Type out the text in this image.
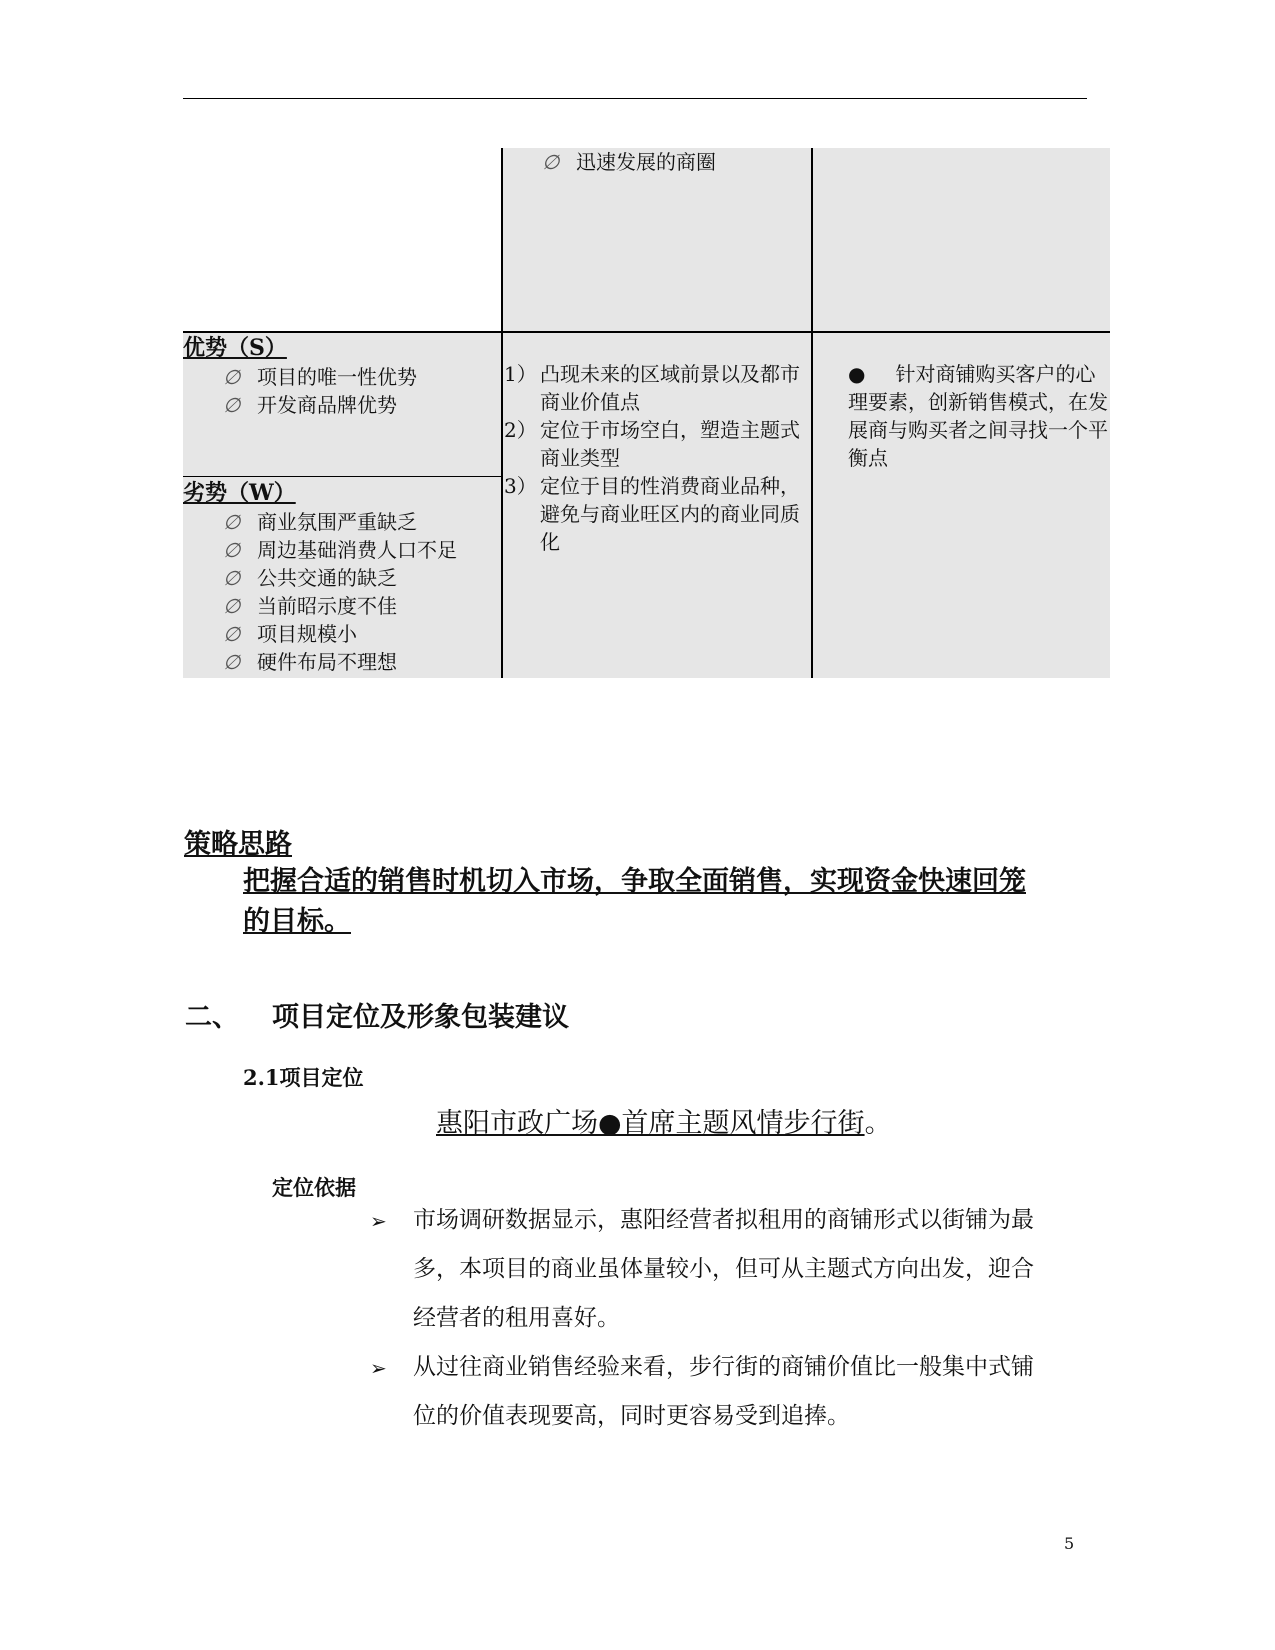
∅ 迅速发展的商圈
优势（S）
∅ 项目的唯一性优势
∅ 开发商品牌优势
劣势（W）
∅ 商业氛围严重缺乏
∅ 周边基础消费人口不足
∅ 公共交通的缺乏
∅ 当前昭示度不佳
∅ 项目规模小
∅ 硬件布局不理想
1） 凸现未来的区域前景以及都市商业价值点
2） 定位于市场空白，塑造主题式商业类型
3） 定位于目的性消费商业品种，避免与商业旺区内的商业同质化
● 针对商铺购买客户的心理要素，创新销售模式，在发展商与购买者之间寻找一个平衡点
策略思路
把握合适的销售时机切入市场，争取全面销售，实现资金快速回笼
的目标。
二、 项目定位及形象包装建议
2.1项目定位
惠阳市政广场●首席主题风情步行街。
定位依据
➢ 市场调研数据显示，惠阳经营者拟租用的商铺形式以街铺为最
多，本项目的商业虽体量较小，但可从主题式方向出发，迎合
经营者的租用喜好。
➢ 从过往商业销售经验来看，步行街的商铺价值比一般集中式铺
位的价值表现要高，同时更容易受到追捧。
5
